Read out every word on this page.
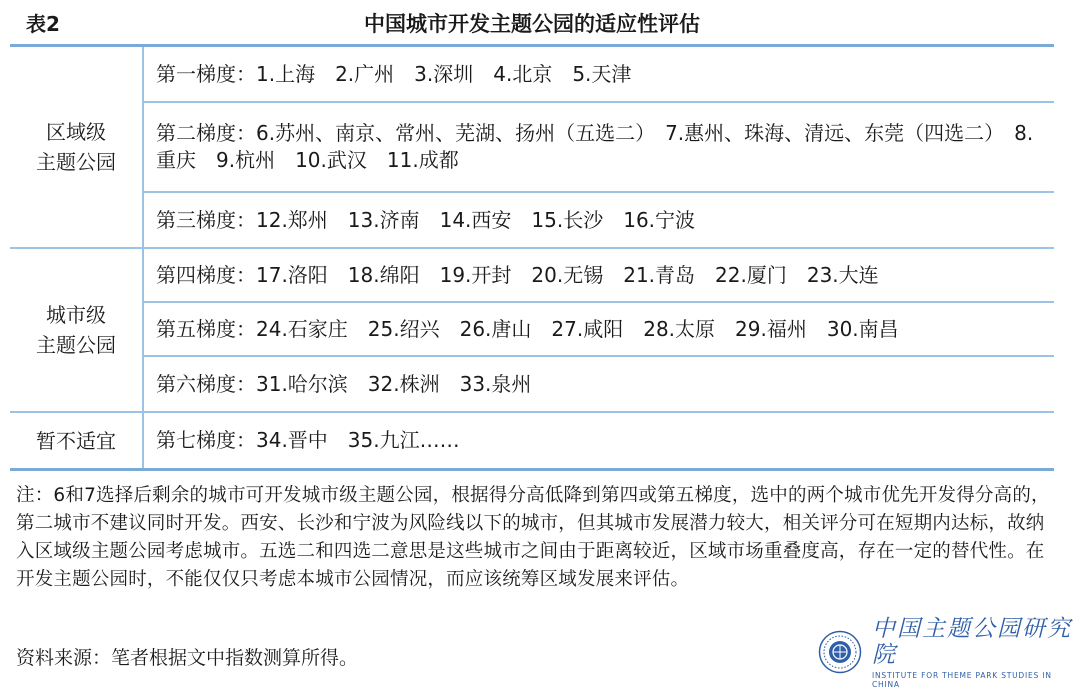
表2	中国城市开发主题公园的适应性评估
区域级
主题公园
第一梯度：1.上海　2.广州　3.深圳　4.北京　5.天津
第二梯度：6.苏州、南京、常州、芜湖、扬州（五选二）　7.惠州、珠海、清远、东莞（四选二）　8.重庆　9.杭州　10.武汉　11.成都
第三梯度：12.郑州　13.济南　14.西安　15.长沙　16.宁波
城市级
主题公园
第四梯度：17.洛阳　18.绵阳　19.开封　20.无锡　21.青岛　22.厦门　23.大连
第五梯度：24.石家庄　25.绍兴　26.唐山　27.咸阳　28.太原　29.福州　30.南昌
第六梯度：31.哈尔滨　32.株洲　33.泉州
暂不适宜	第七梯度：34.晋中　35.九江……
注：6和7选择后剩余的城市可开发城市级主题公园，根据得分高低降到第四或第五梯度，选中的两个城市优先开发得分高的，第二城市不建议同时开发。西安、长沙和宁波为风险线以下的城市，但其城市发展潜力较大，相关评分可在短期内达标，故纳入区域级主题公园考虑城市。五选二和四选二意思是这些城市之间由于距离较近，区域市场重叠度高，存在一定的替代性。在开发主题公园时，不能仅仅只考虑本城市公园情况，而应该统筹区域发展来评估。
资料来源：笔者根据文中指数测算所得。
中国主题公园研究院
INSTITUTE FOR THEME PARK STUDIES IN CHINA
